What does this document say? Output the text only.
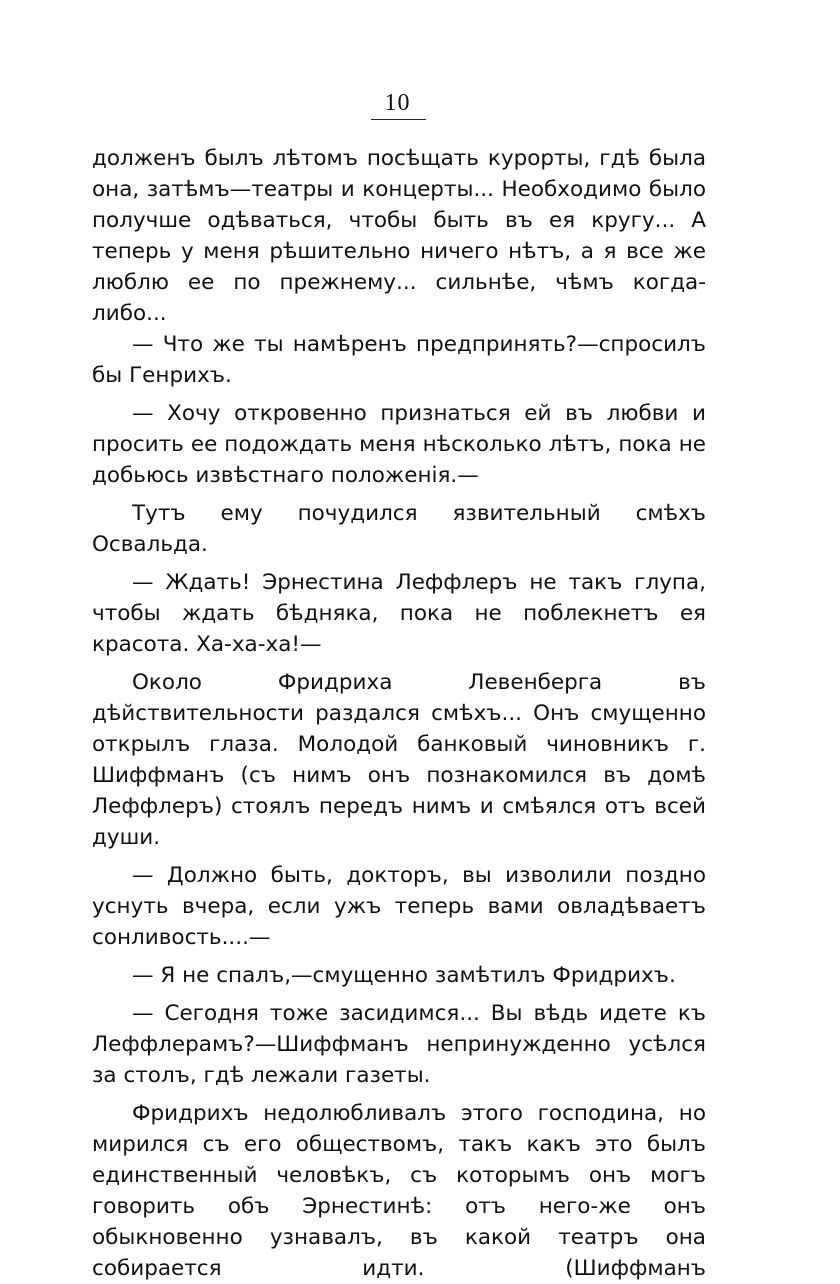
10

долженъ былъ лѣтомъ посѣщать курорты, гдѣ была она, затѣмъ—театры и концерты... Необходимо было получше одѣваться, чтобы быть въ ея кругу... А теперь у меня рѣшительно ничего нѣтъ, а я все же люблю ее по прежнему... сильнѣе, чѣмъ когда-либо...

— Что же ты намѣренъ предпринять?—спросилъ бы Генрихъ.

— Хочу откровенно признаться ей въ любви и просить ее подождать меня нѣсколько лѣтъ, пока не добьюсь извѣстнаго положенія.—

Тутъ ему почудился язвительный смѣхъ Освальда.

— Ждать! Эрнестина Леффлеръ не такъ глупа, чтобы ждать бѣдняка, пока не поблекнетъ ея красота. Ха-ха-ха!—

Около Фридриха Левенберга въ дѣйствительности раздался смѣхъ... Онъ смущенно открылъ глаза. Молодой банковый чиновникъ г. Шиффманъ (съ нимъ онъ познакомился въ домѣ Леффлеръ) стоялъ передъ нимъ и смѣялся отъ всей души.

— Должно быть, докторъ, вы изволили поздно уснуть вчера, если ужъ теперь вами овладѣваетъ сонливость....—

— Я не спалъ,—смущенно замѣтилъ Фридрихъ.

— Сегодня тоже засидимся... Вы вѣдь идете къ Леффлерамъ?—Шиффманъ непринужденно усѣлся за столъ, гдѣ лежали газеты.

Фридрихъ недолюбливалъ этого господина, но мирился съ его обществомъ, такъ какъ это былъ единственный человѣкъ, съ которымъ онъ могъ говорить объ Эрнестинѣ: отъ него-же онъ обыкновенно узнавалъ, въ какой театръ она собирается идти. (Шиффманъ
